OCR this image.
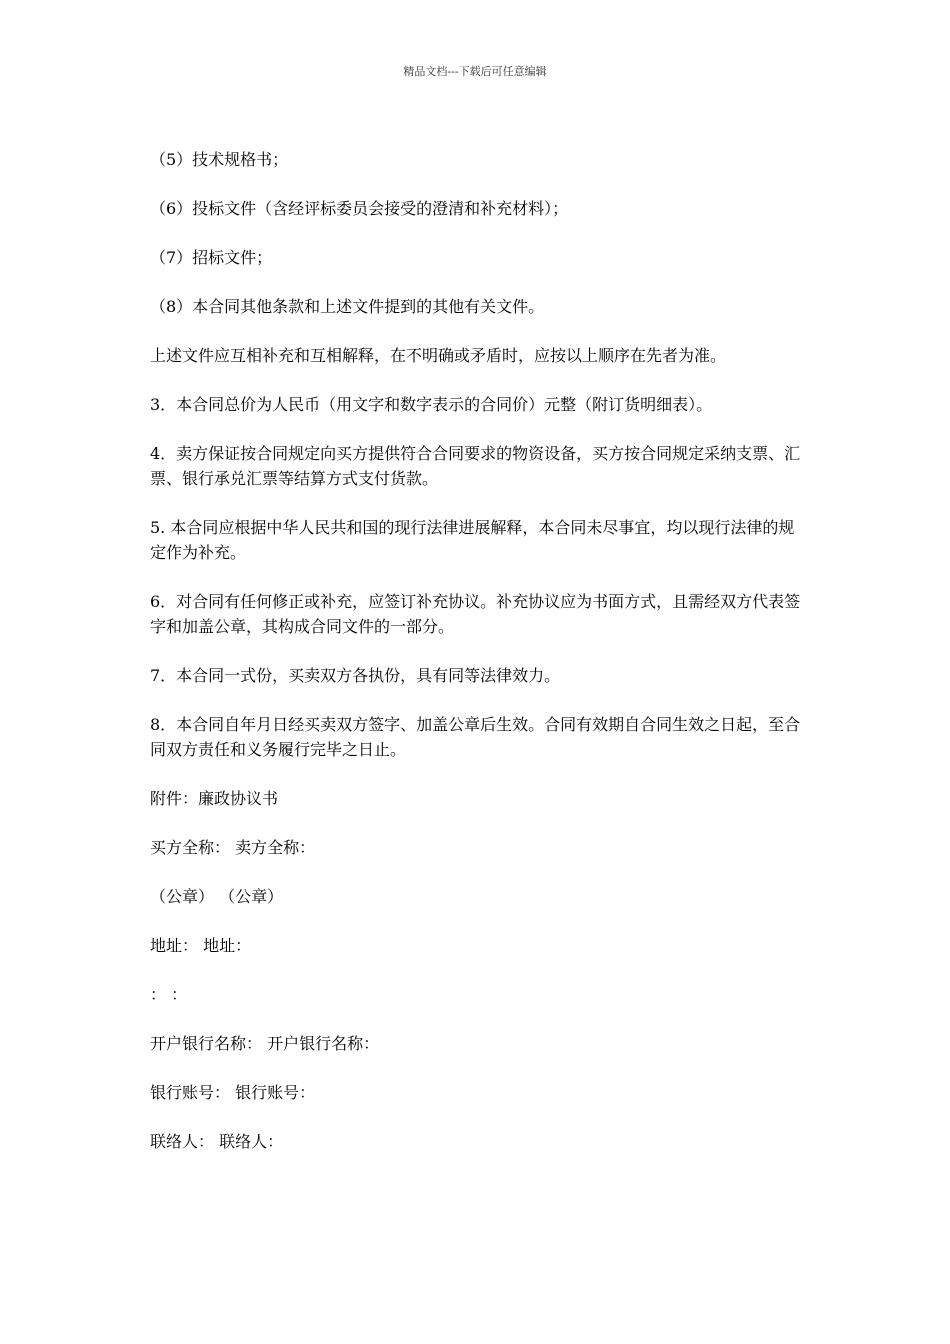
精品文档---下载后可任意编辑

（5）技术规格书；

（6）投标文件（含经评标委员会接受的澄清和补充材料）；

（7）招标文件；

（8）本合同其他条款和上述文件提到的其他有关文件。

上述文件应互相补充和互相解释，在不明确或矛盾时，应按以上顺序在先者为准。

3．本合同总价为人民币（用文字和数字表示的合同价）元整（附订货明细表）。

4．卖方保证按合同规定向买方提供符合合同要求的物资设备，买方按合同规定采纳支票、汇票、银行承兑汇票等结算方式支付货款。

5. 本合同应根据中华人民共和国的现行法律进展解释，本合同未尽事宜，均以现行法律的规定作为补充。

6．对合同有任何修正或补充，应签订补充协议。补充协议应为书面方式，且需经双方代表签字和加盖公章，其构成合同文件的一部分。

7．本合同一式份，买卖双方各执份，具有同等法律效力。

8．本合同自年月日经买卖双方签字、加盖公章后生效。合同有效期自合同生效之日起，至合同双方责任和义务履行完毕之日止。

附件：廉政协议书

买方全称： 卖方全称：

（公章） （公章）

地址： 地址：

： ：

开户银行名称： 开户银行名称：

银行账号： 银行账号：

联络人： 联络人：
